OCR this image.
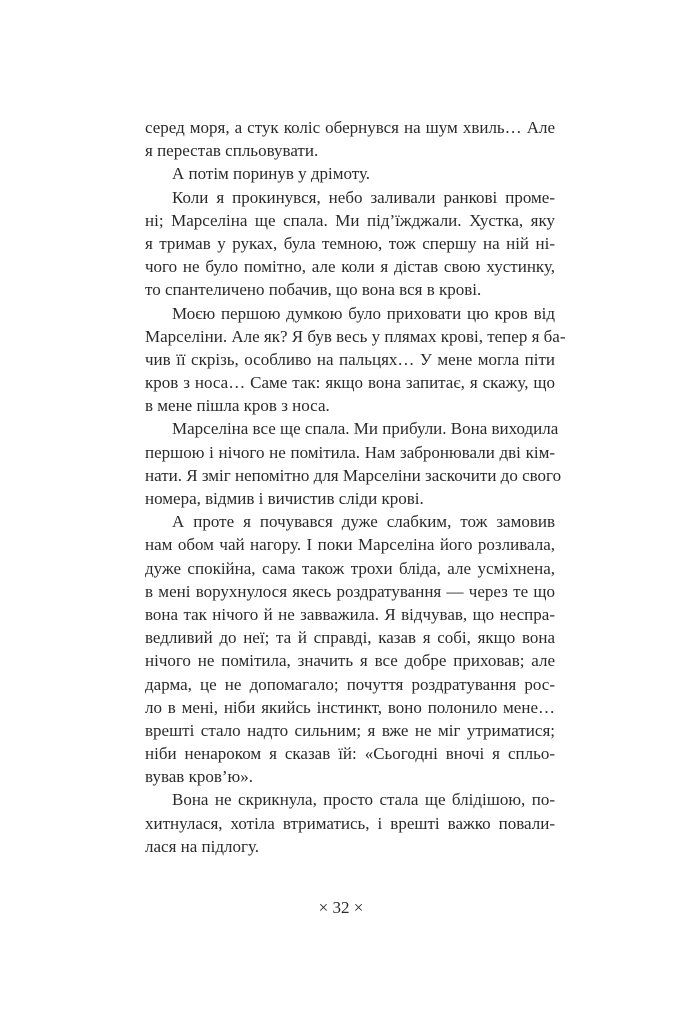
серед моря, а стук коліс обернувся на шум хвиль… Але
я перестав спльовувати.
А потім поринув у дрімоту.
Коли я прокинувся, небо заливали ранкові проме-
ні; Марселіна ще спала. Ми під’їжджали. Хустка, яку
я тримав у руках, була темною, тож спершу на ній ні-
чого не було помітно, але коли я дістав свою хустинку,
то спантеличено побачив, що вона вся в крові.
Моєю першою думкою було приховати цю кров від
Марселіни. Але як? Я був весь у плямах крові, тепер я ба-
чив її скрізь, особливо на пальцях… У мене могла піти
кров з носа… Саме так: якщо вона запитає, я скажу, що
в мене пішла кров з носа.
Марселіна все ще спала. Ми прибули. Вона виходила
першою і нічого не помітила. Нам забронювали дві кім-
нати. Я зміг непомітно для Марселіни заскочити до свого
номера, відмив і вичистив сліди крові.
А проте я почувався дуже слабким, тож замовив
нам обом чай нагору. І поки Марселіна його розливала,
дуже спокійна, сама також трохи бліда, але усміхнена,
в мені ворухнулося якесь роздратування — через те що
вона так нічого й не завважила. Я відчував, що неспра-
ведливий до неї; та й справді, казав я собі, якщо вона
нічого не помітила, значить я все добре приховав; але
дарма, це не допомагало; почуття роздратування рос-
ло в мені, ніби якийсь інстинкт, воно полонило мене…
врешті стало надто сильним; я вже не міг утриматися;
ніби ненароком я сказав їй: «Сьогодні вночі я спльо-
вував кров’ю».
Вона не скрикнула, просто стала ще блідішою, по-
хитнулася, хотіла втриматись, і врешті важко повали-
лася на підлогу.
× 32 ×
